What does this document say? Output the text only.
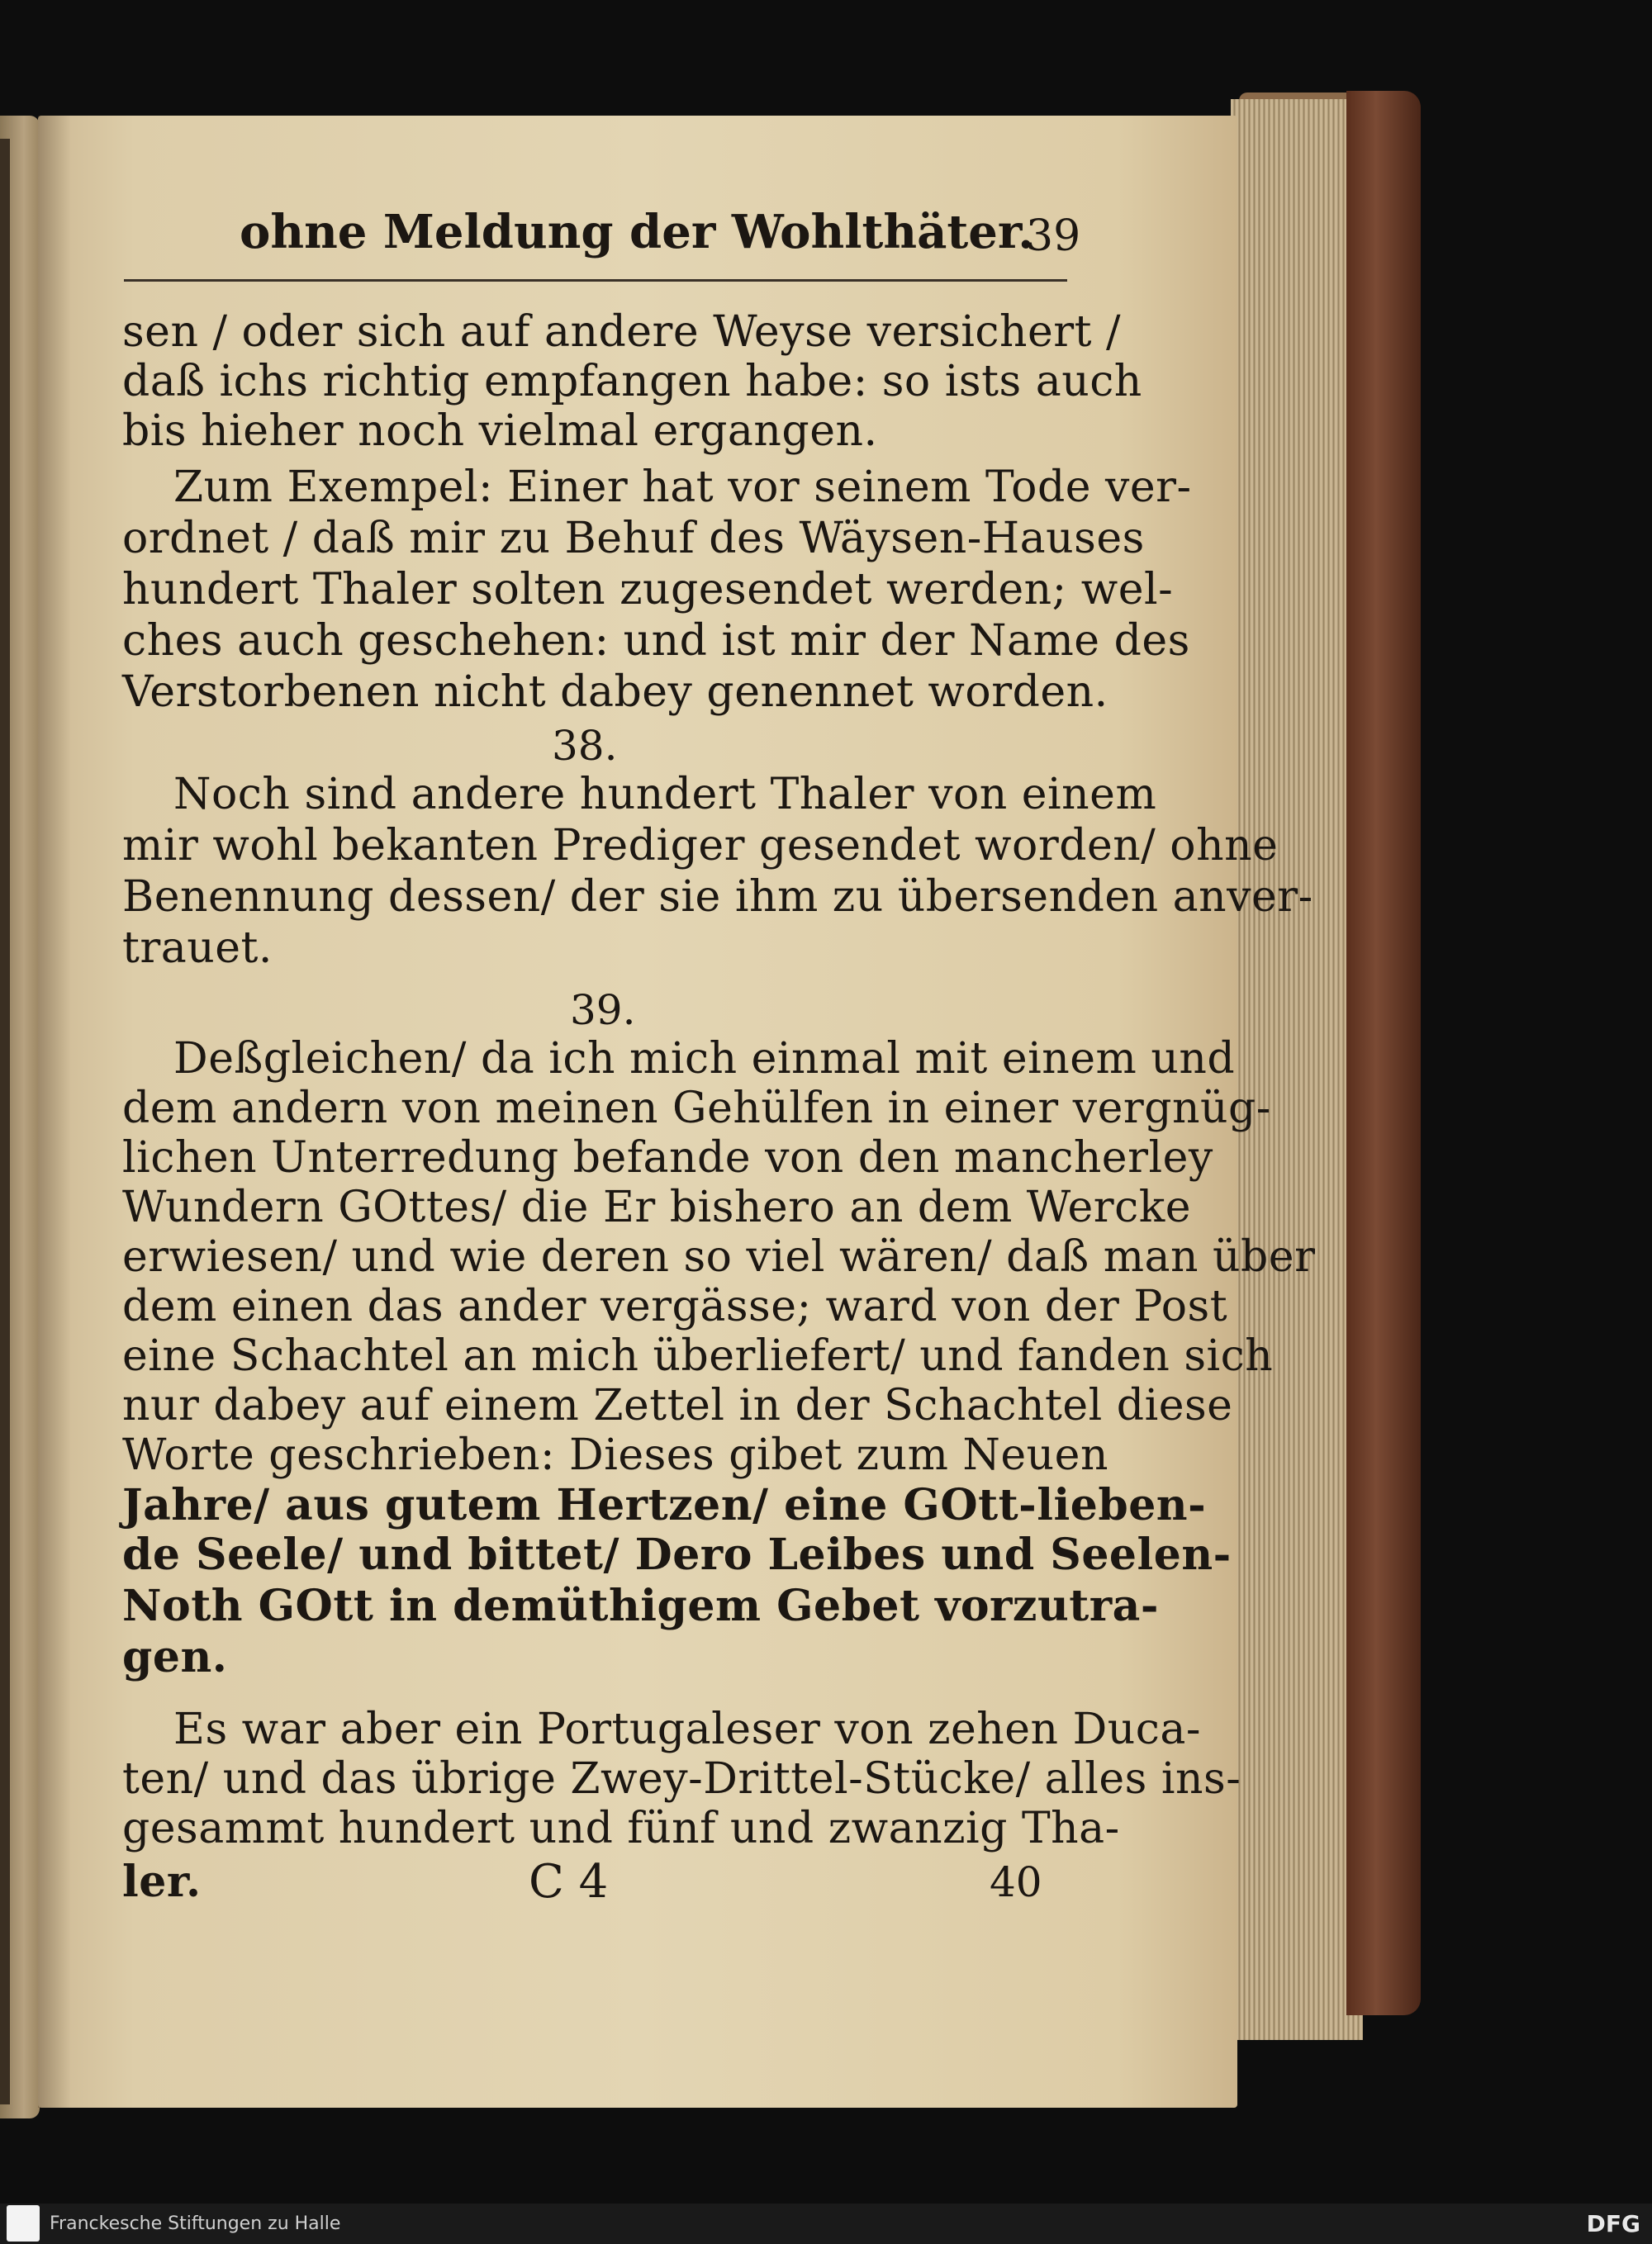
ohne Meldung der Wohlthäter.
39
sen / oder sich auf andere Weyse versichert /
daß ichs richtig empfangen habe: so ists auch
bis hieher noch vielmal ergangen.
Zum Exempel: Einer hat vor seinem Tode ver-
ordnet / daß mir zu Behuf des Wäysen-Hauses
hundert Thaler solten zugesendet werden; wel-
ches auch geschehen: und ist mir der Name des
Verstorbenen nicht dabey genennet worden.
38.
Noch sind andere hundert Thaler von einem
mir wohl bekanten Prediger gesendet worden/ ohne
Benennung dessen/ der sie ihm zu übersenden anver-
trauet.
39.
Deßgleichen/ da ich mich einmal mit einem und
dem andern von meinen Gehülfen in einer vergnüg-
lichen Unterredung befande von den mancherley
Wundern GOttes/ die Er bishero an dem Wercke
erwiesen/ und wie deren so viel wären/ daß man über
dem einen das ander vergässe; ward von der Post
eine Schachtel an mich überliefert/ und fanden sich
nur dabey auf einem Zettel in der Schachtel diese
Worte geschrieben: Dieses gibet zum Neuen
Jahre/ aus gutem Hertzen/ eine GOtt-lieben-
de Seele/ und bittet/ Dero Leibes und Seelen-
Noth GOtt in demüthigem Gebet vorzutra-
gen.
Es war aber ein Portugaleser von zehen Duca-
ten/ und das übrige Zwey-Drittel-Stücke/ alles ins-
gesammt hundert und fünf und zwanzig Tha-
ler.	C 4	40
Franckesche Stiftungen zu Halle	DFG
